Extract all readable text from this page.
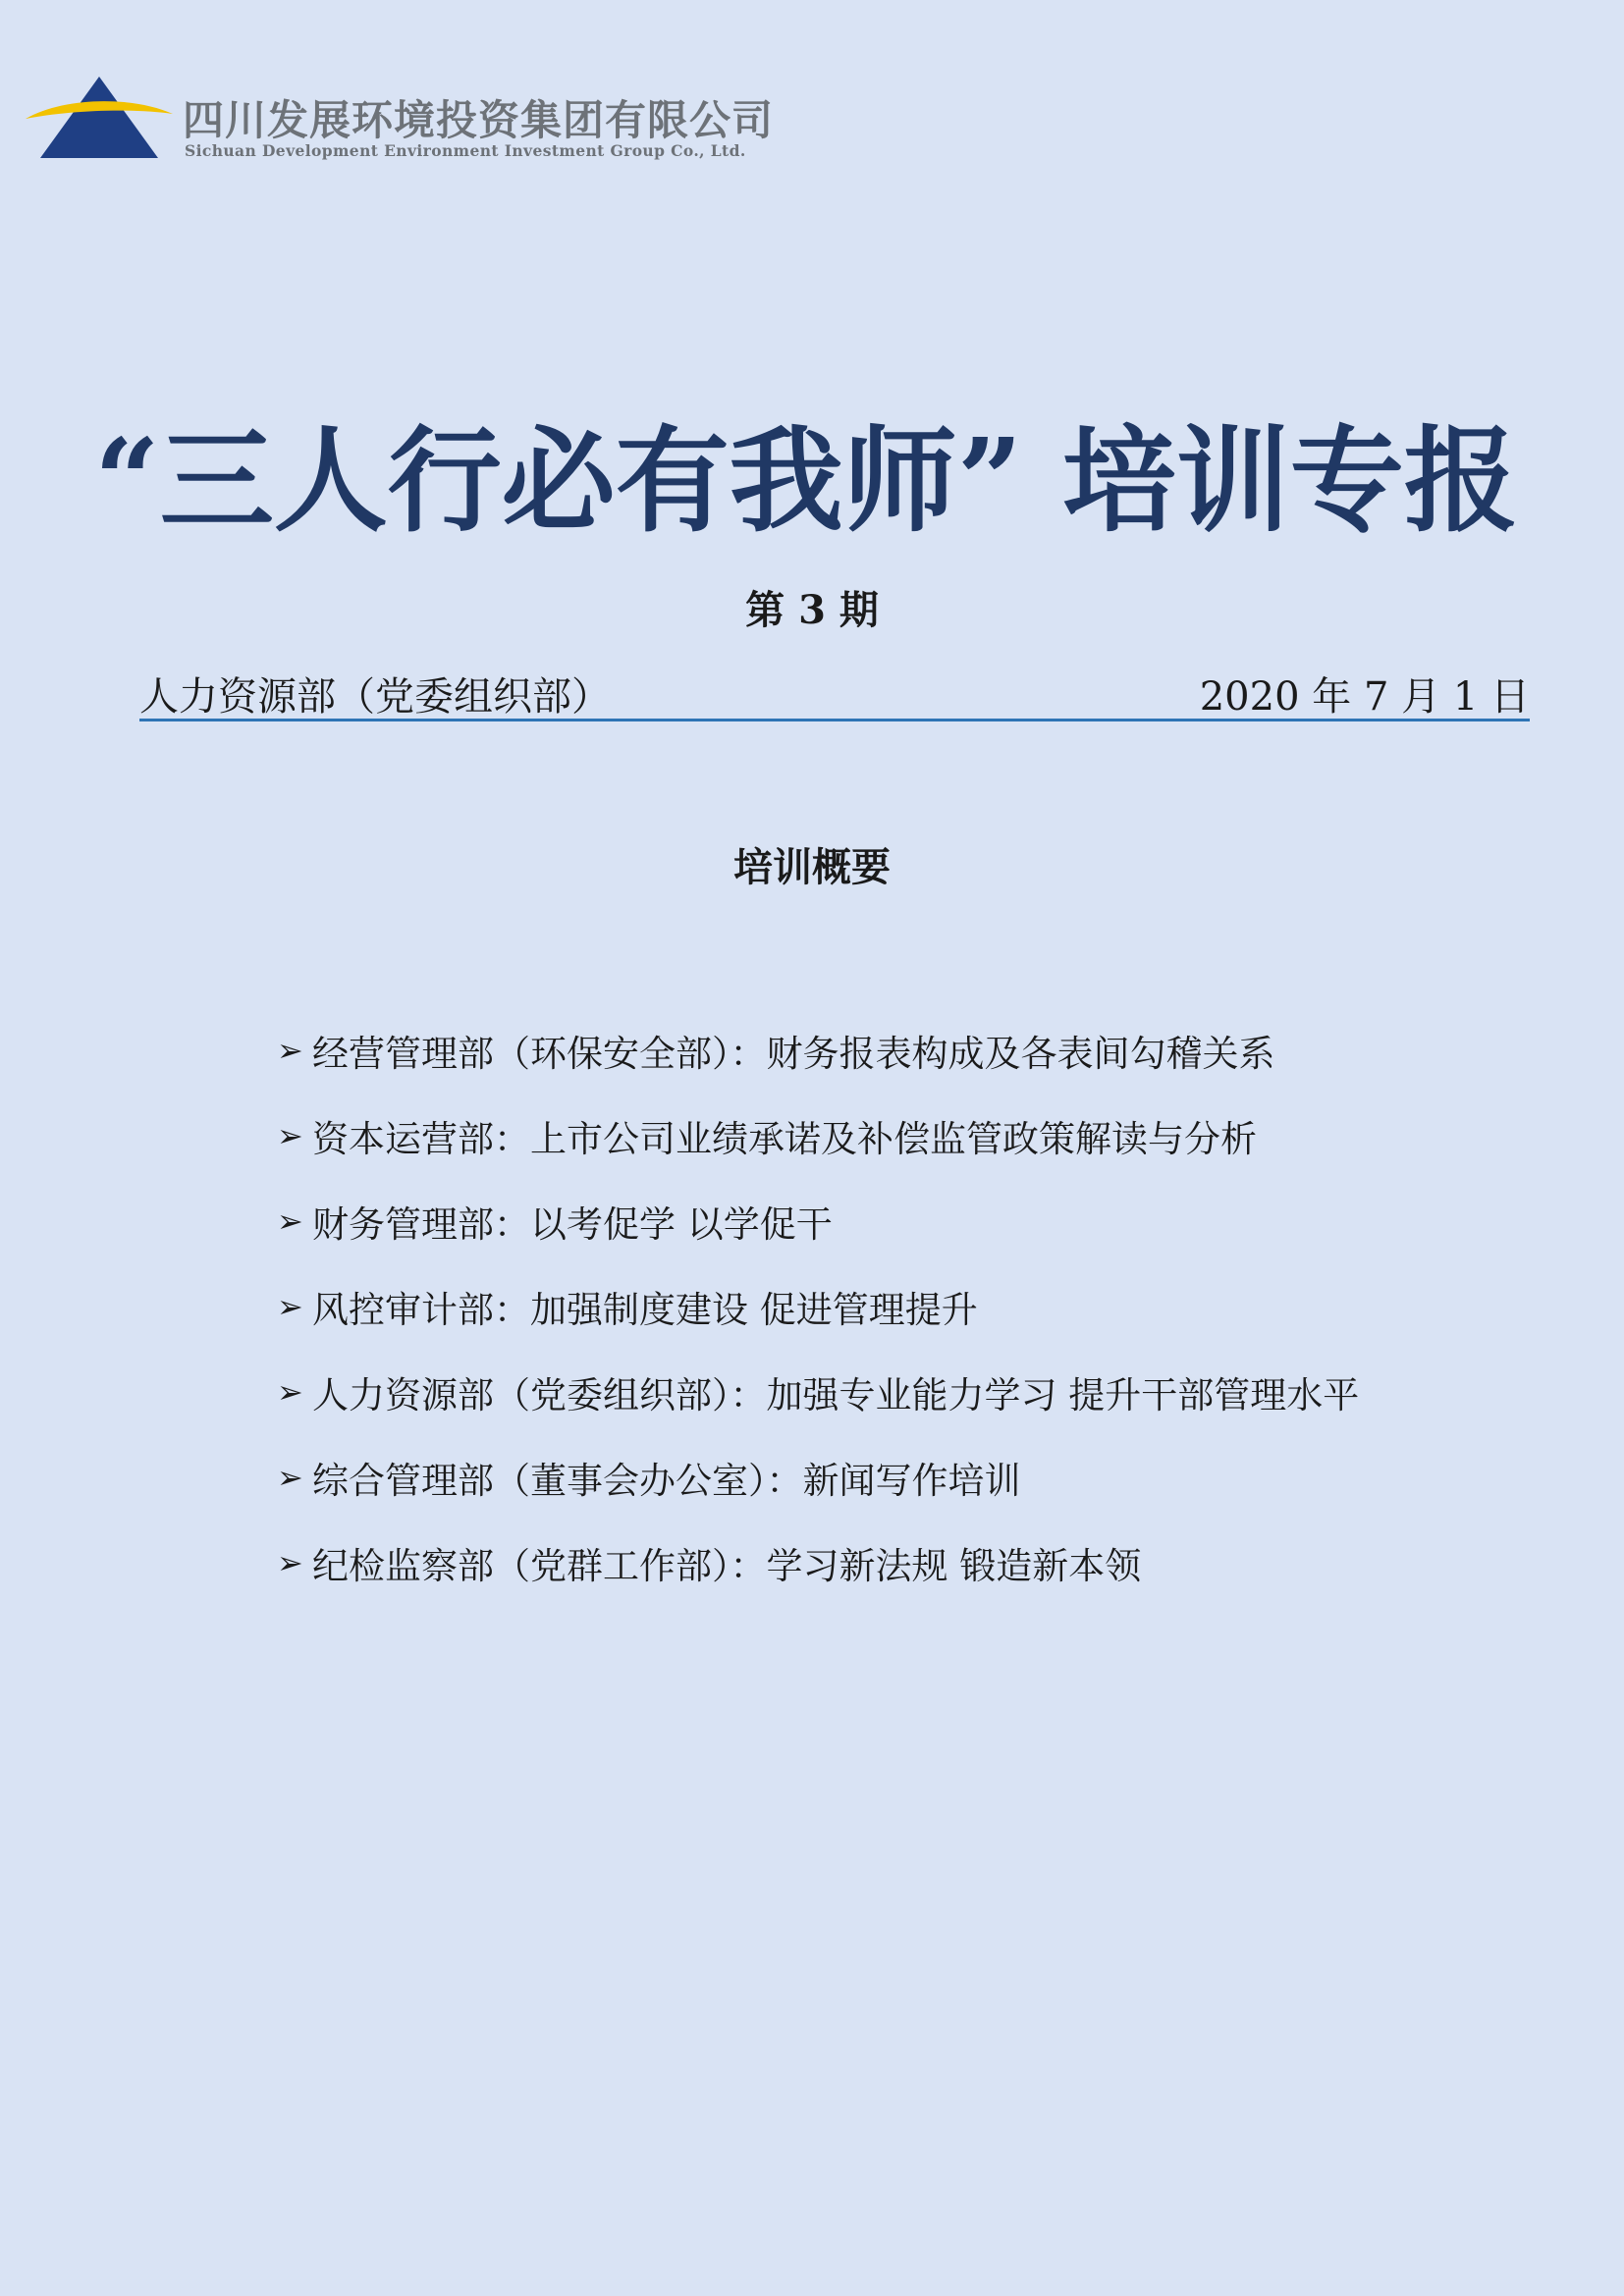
四川发展环境投资集团有限公司
Sichuan Development Environment Investment Group Co., Ltd.
“三人行必有我师” 培训专报
第 3 期
人力资源部（党委组织部）	2020 年 7 月 1 日
培训概要
➢ 经营管理部（环保安全部）：财务报表构成及各表间勾稽关系
➢ 资本运营部：上市公司业绩承诺及补偿监管政策解读与分析
➢ 财务管理部：以考促学 以学促干
➢ 风控审计部：加强制度建设 促进管理提升
➢ 人力资源部（党委组织部）：加强专业能力学习 提升干部管理水平
➢ 综合管理部（董事会办公室）：新闻写作培训
➢ 纪检监察部（党群工作部）：学习新法规 锻造新本领
